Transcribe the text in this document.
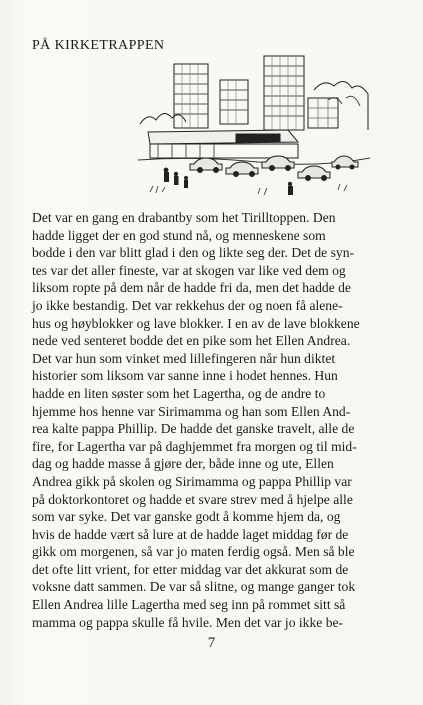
PÅ KIRKETRAPPEN
TILTOPPEN
Det var en gang en drabantby som het Tirilltoppen. Den
hadde ligget der en god stund nå, og menneskene som
bodde i den var blitt glad i den og likte seg der. Det de syn-
tes var det aller fineste, var at skogen var like ved dem og
liksom ropte på dem når de hadde fri da, men det hadde de
jo ikke bestandig. Det var rekkehus der og noen få alene-
hus og høyblokker og lave blokker. I en av de lave blokkene
nede ved senteret bodde det en pike som het Ellen Andrea.
Det var hun som vinket med lillefingeren når hun diktet
historier som liksom var sanne inne i hodet hennes. Hun
hadde en liten søster som het Lagertha, og de andre to
hjemme hos henne var Sirimamma og han som Ellen And-
rea kalte pappa Phillip. De hadde det ganske travelt, alle de
fire, for Lagertha var på daghjemmet fra morgen og til mid-
dag og hadde masse å gjøre der, både inne og ute, Ellen
Andrea gikk på skolen og Sirimamma og pappa Phillip var
på doktorkontoret og hadde et svare strev med å hjelpe alle
som var syke. Det var ganske godt å komme hjem da, og
hvis de hadde vært så lure at de hadde laget middag før de
gikk om morgenen, så var jo maten ferdig også. Men så ble
det ofte litt vrient, for etter middag var det akkurat som de
voksne datt sammen. De var så slitne, og mange ganger tok
Ellen Andrea lille Lagertha med seg inn på rommet sitt så
mamma og pappa skulle få hvile. Men det var jo ikke be-
7
